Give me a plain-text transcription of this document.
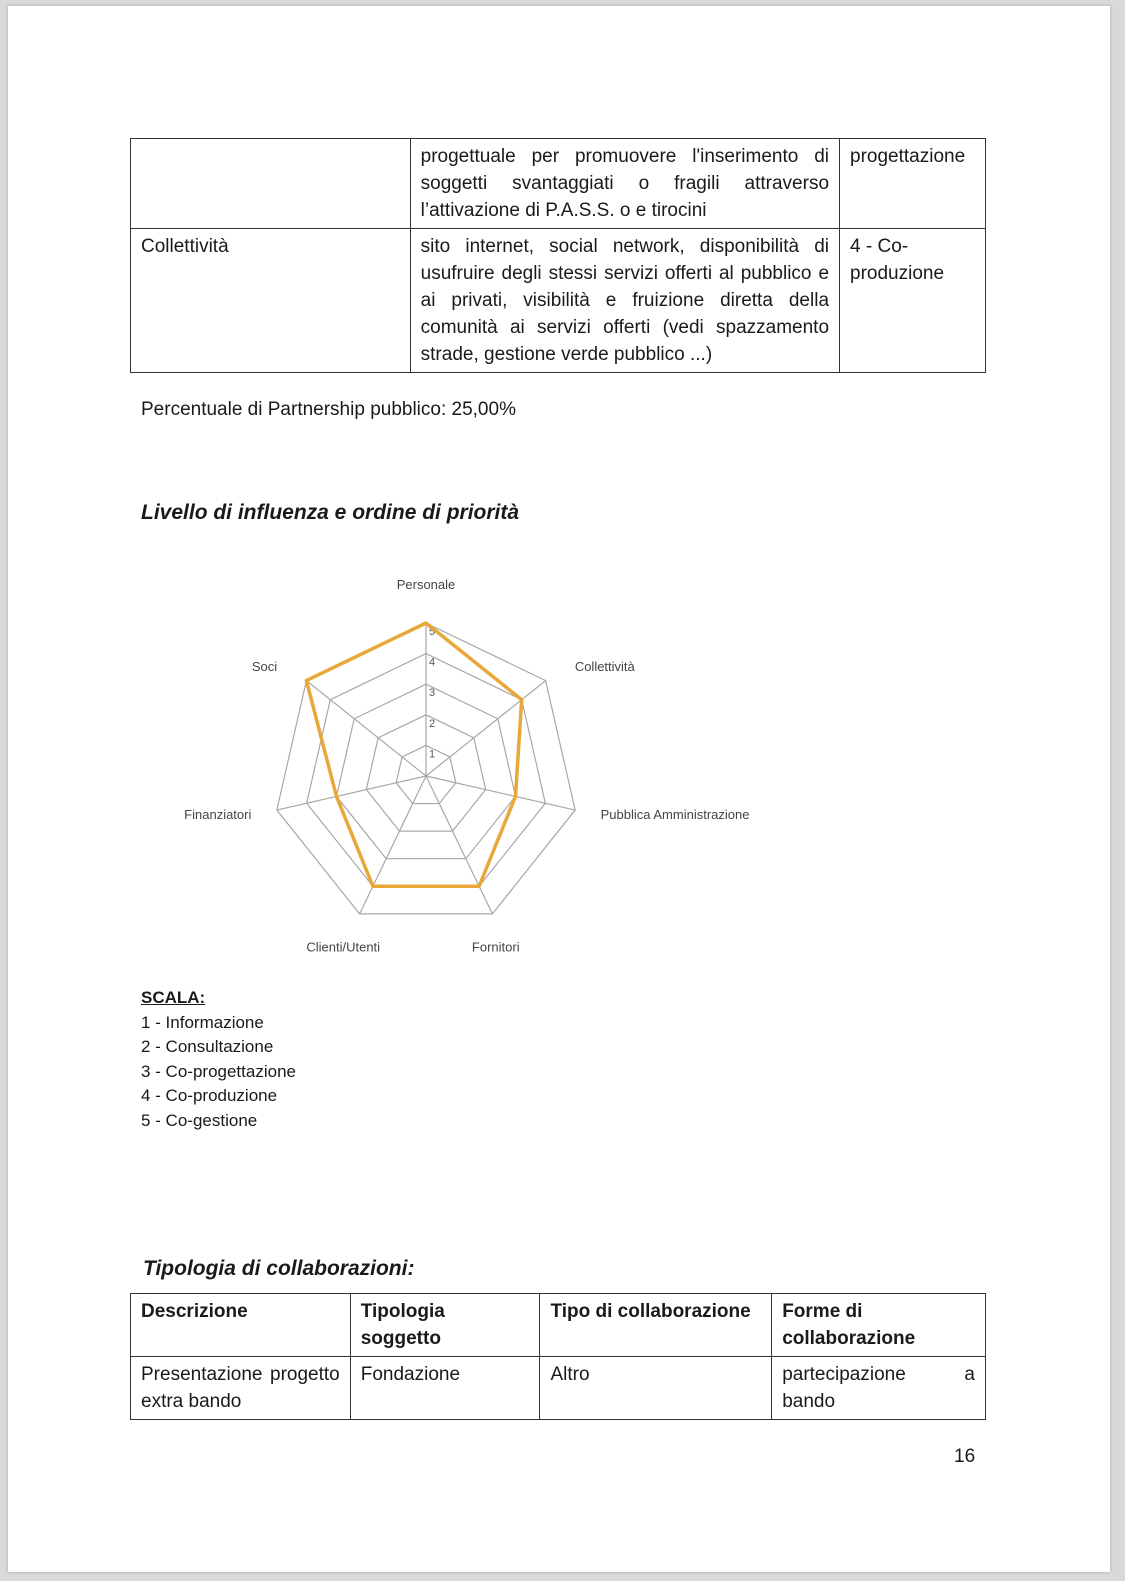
	progettuale per promuovere l'inserimento di soggetti svantaggiati o fragili attraverso l’attivazione di P.A.S.S. o e tirocini	progettazione
Collettività	sito internet, social network, disponibilità di usufruire degli stessi servizi offerti al pubblico e ai privati, visibilità e fruizione diretta della comunità ai servizi offerti (vedi spazzamento strade, gestione verde pubblico ...)	4 - Co-produzione
Percentuale di Partnership pubblico: 25,00%
Livello di influenza e ordine di priorità
1
2
3
4
5
Personale
Collettività
Pubblica Amministrazione
Fornitori
Clienti/Utenti
Finanziatori
Soci
SCALA:
1 - Informazione
2 - Consultazione
3 - Co-progettazione
4 - Co-produzione
5 - Co-gestione
Tipologia di collaborazioni:
Descrizione	Tipologia soggetto	Tipo di collaborazione	Forme di collaborazione
Presentazione progetto extra bando	Fondazione	Altro	partecipazione a bando
16
